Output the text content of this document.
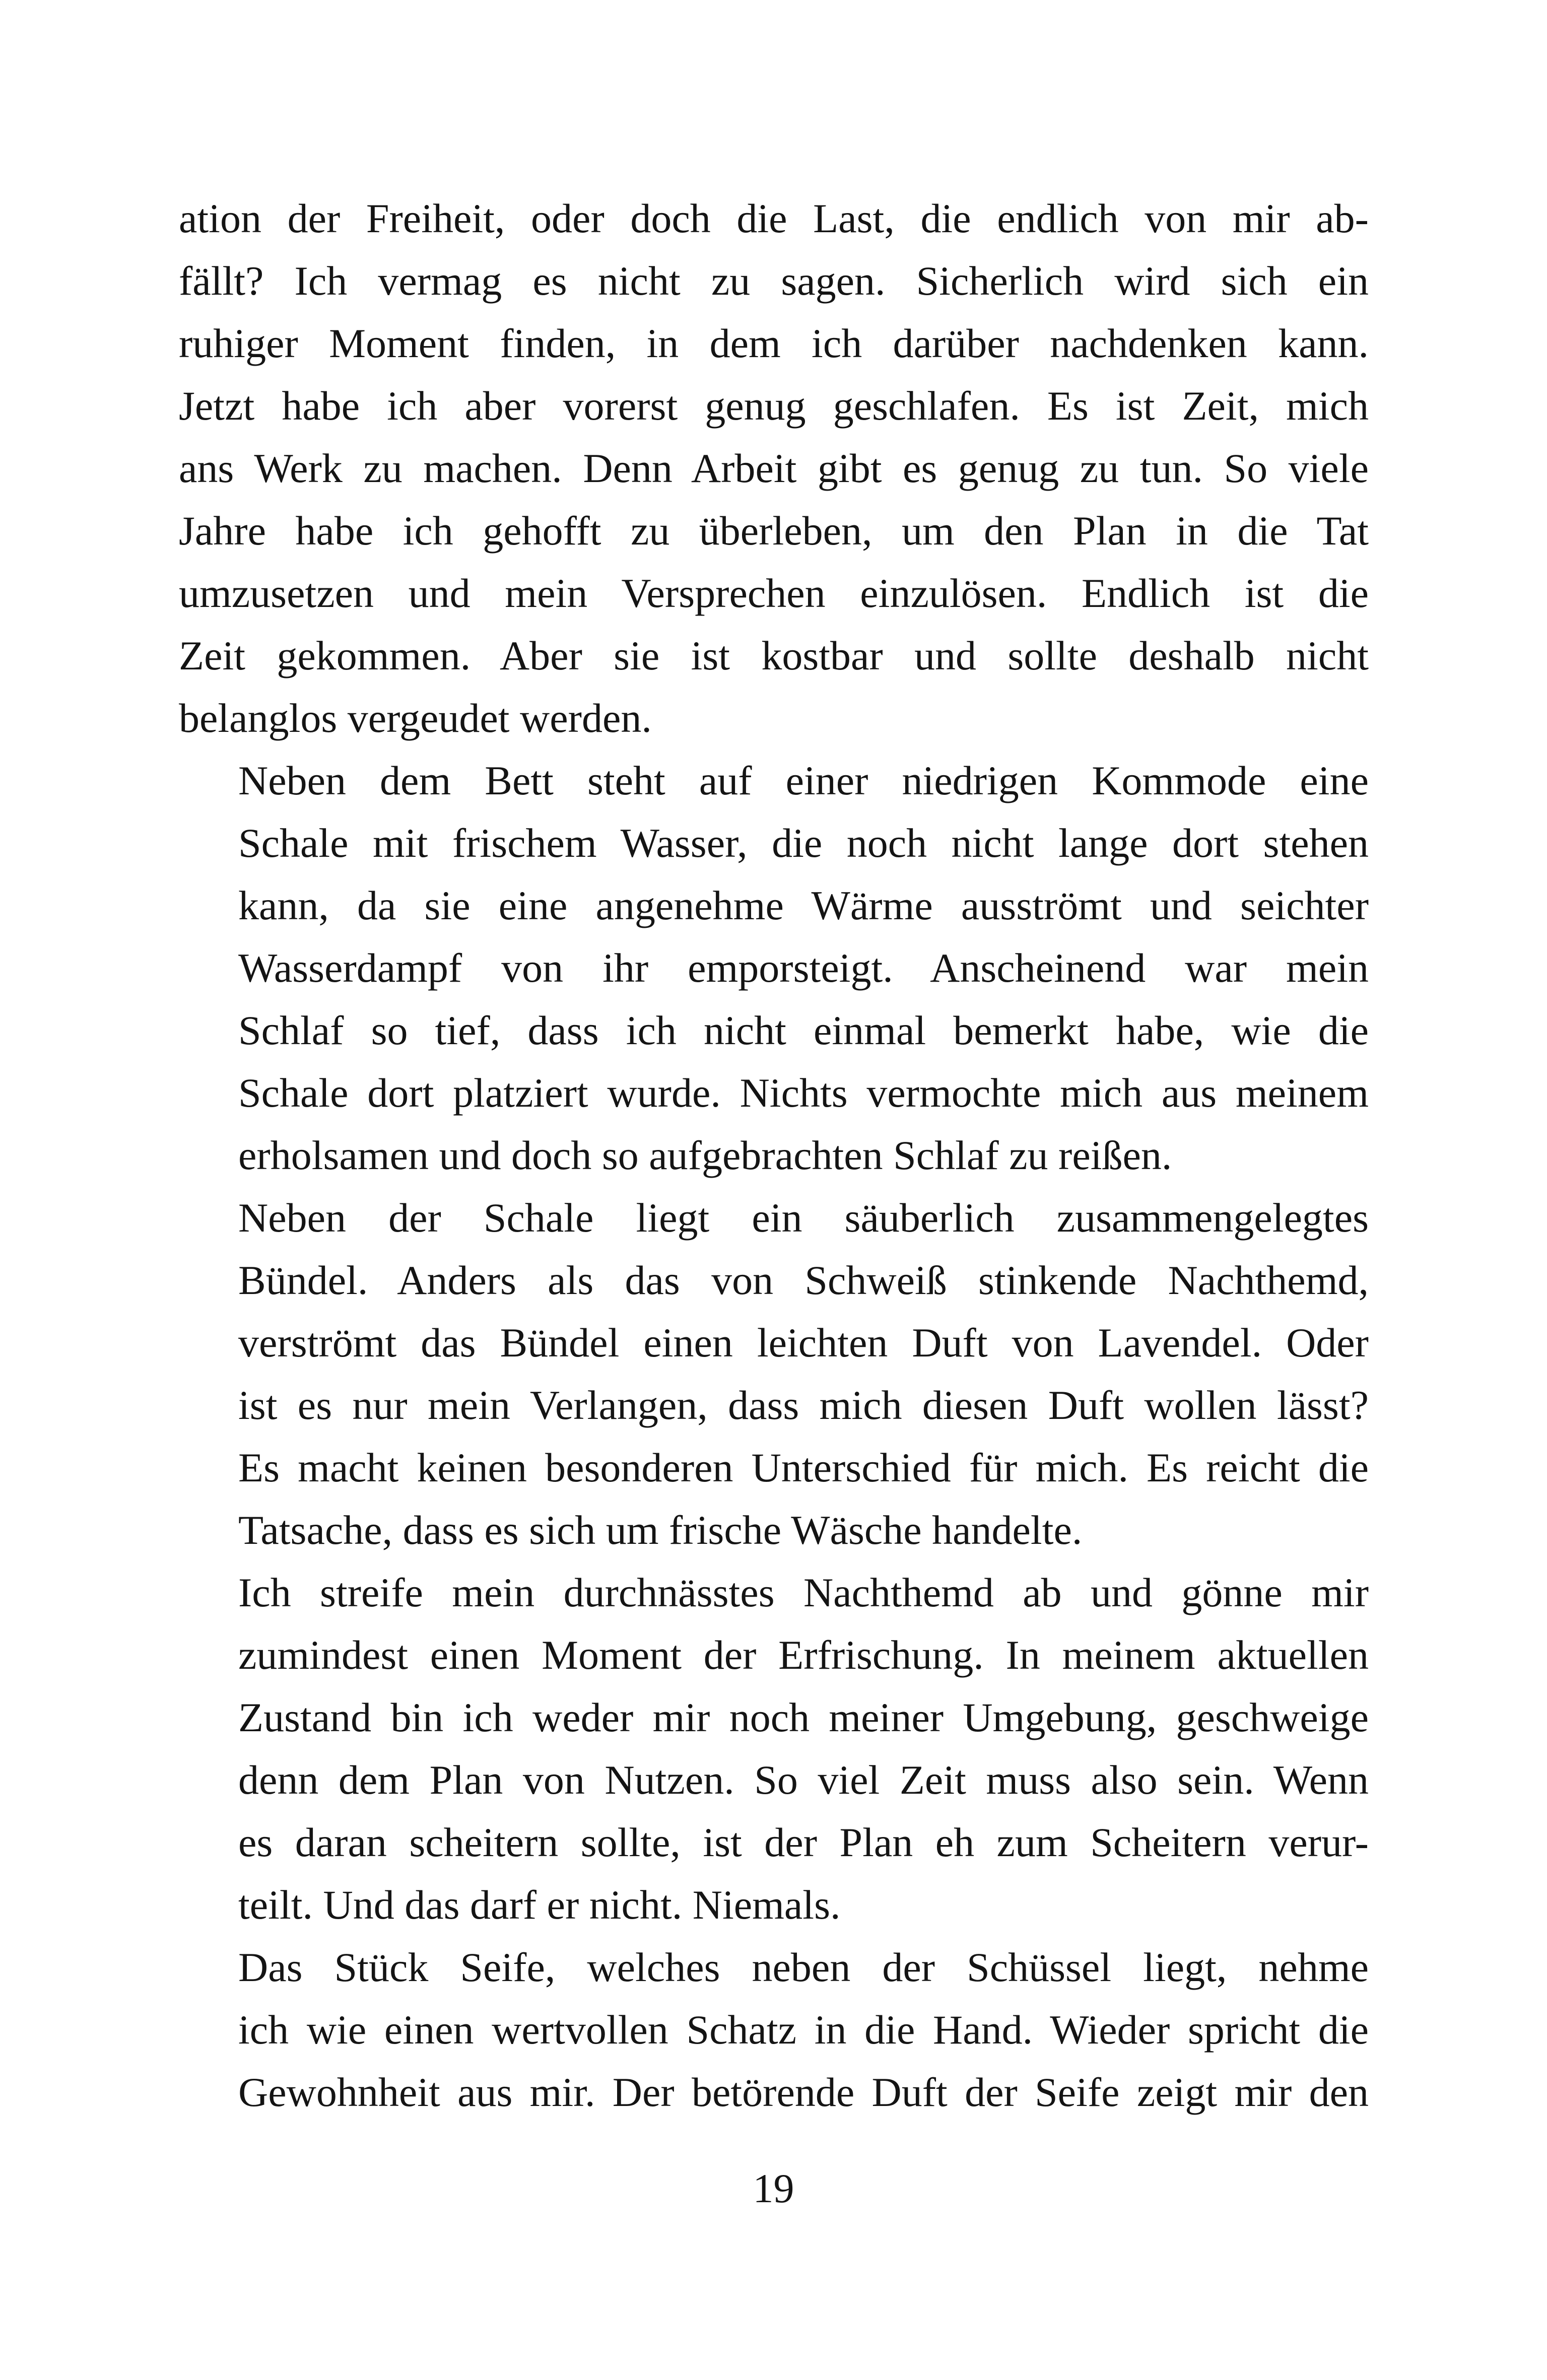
ation der Freiheit, oder doch die Last, die endlich von mir ab-
fällt? Ich vermag es nicht zu sagen. Sicherlich wird sich ein
ruhiger Moment finden, in dem ich darüber nachdenken kann.
Jetzt habe ich aber vorerst genug geschlafen. Es ist Zeit, mich
ans Werk zu machen. Denn Arbeit gibt es genug zu tun. So viele
Jahre habe ich gehofft zu überleben, um den Plan in die Tat
umzusetzen und mein Versprechen einzulösen. Endlich ist die
Zeit gekommen. Aber sie ist kostbar und sollte deshalb nicht
belanglos vergeudet werden.

Neben dem Bett steht auf einer niedrigen Kommode eine
Schale mit frischem Wasser, die noch nicht lange dort stehen
kann, da sie eine angenehme Wärme ausströmt und seichter
Wasserdampf von ihr emporsteigt. Anscheinend war mein
Schlaf so tief, dass ich nicht einmal bemerkt habe, wie die
Schale dort platziert wurde. Nichts vermochte mich aus meinem
erholsamen und doch so aufgebrachten Schlaf zu reißen.

Neben der Schale liegt ein säuberlich zusammengelegtes
Bündel. Anders als das von Schweiß stinkende Nachthemd,
verströmt das Bündel einen leichten Duft von Lavendel. Oder
ist es nur mein Verlangen, dass mich diesen Duft wollen lässt?
Es macht keinen besonderen Unterschied für mich. Es reicht die
Tatsache, dass es sich um frische Wäsche handelte.

Ich streife mein durchnässtes Nachthemd ab und gönne mir
zumindest einen Moment der Erfrischung. In meinem aktuellen
Zustand bin ich weder mir noch meiner Umgebung, geschweige
denn dem Plan von Nutzen. So viel Zeit muss also sein. Wenn
es daran scheitern sollte, ist der Plan eh zum Scheitern verur-
teilt. Und das darf er nicht. Niemals.

Das Stück Seife, welches neben der Schüssel liegt, nehme
ich wie einen wertvollen Schatz in die Hand. Wieder spricht die
Gewohnheit aus mir. Der betörende Duft der Seife zeigt mir den

19
